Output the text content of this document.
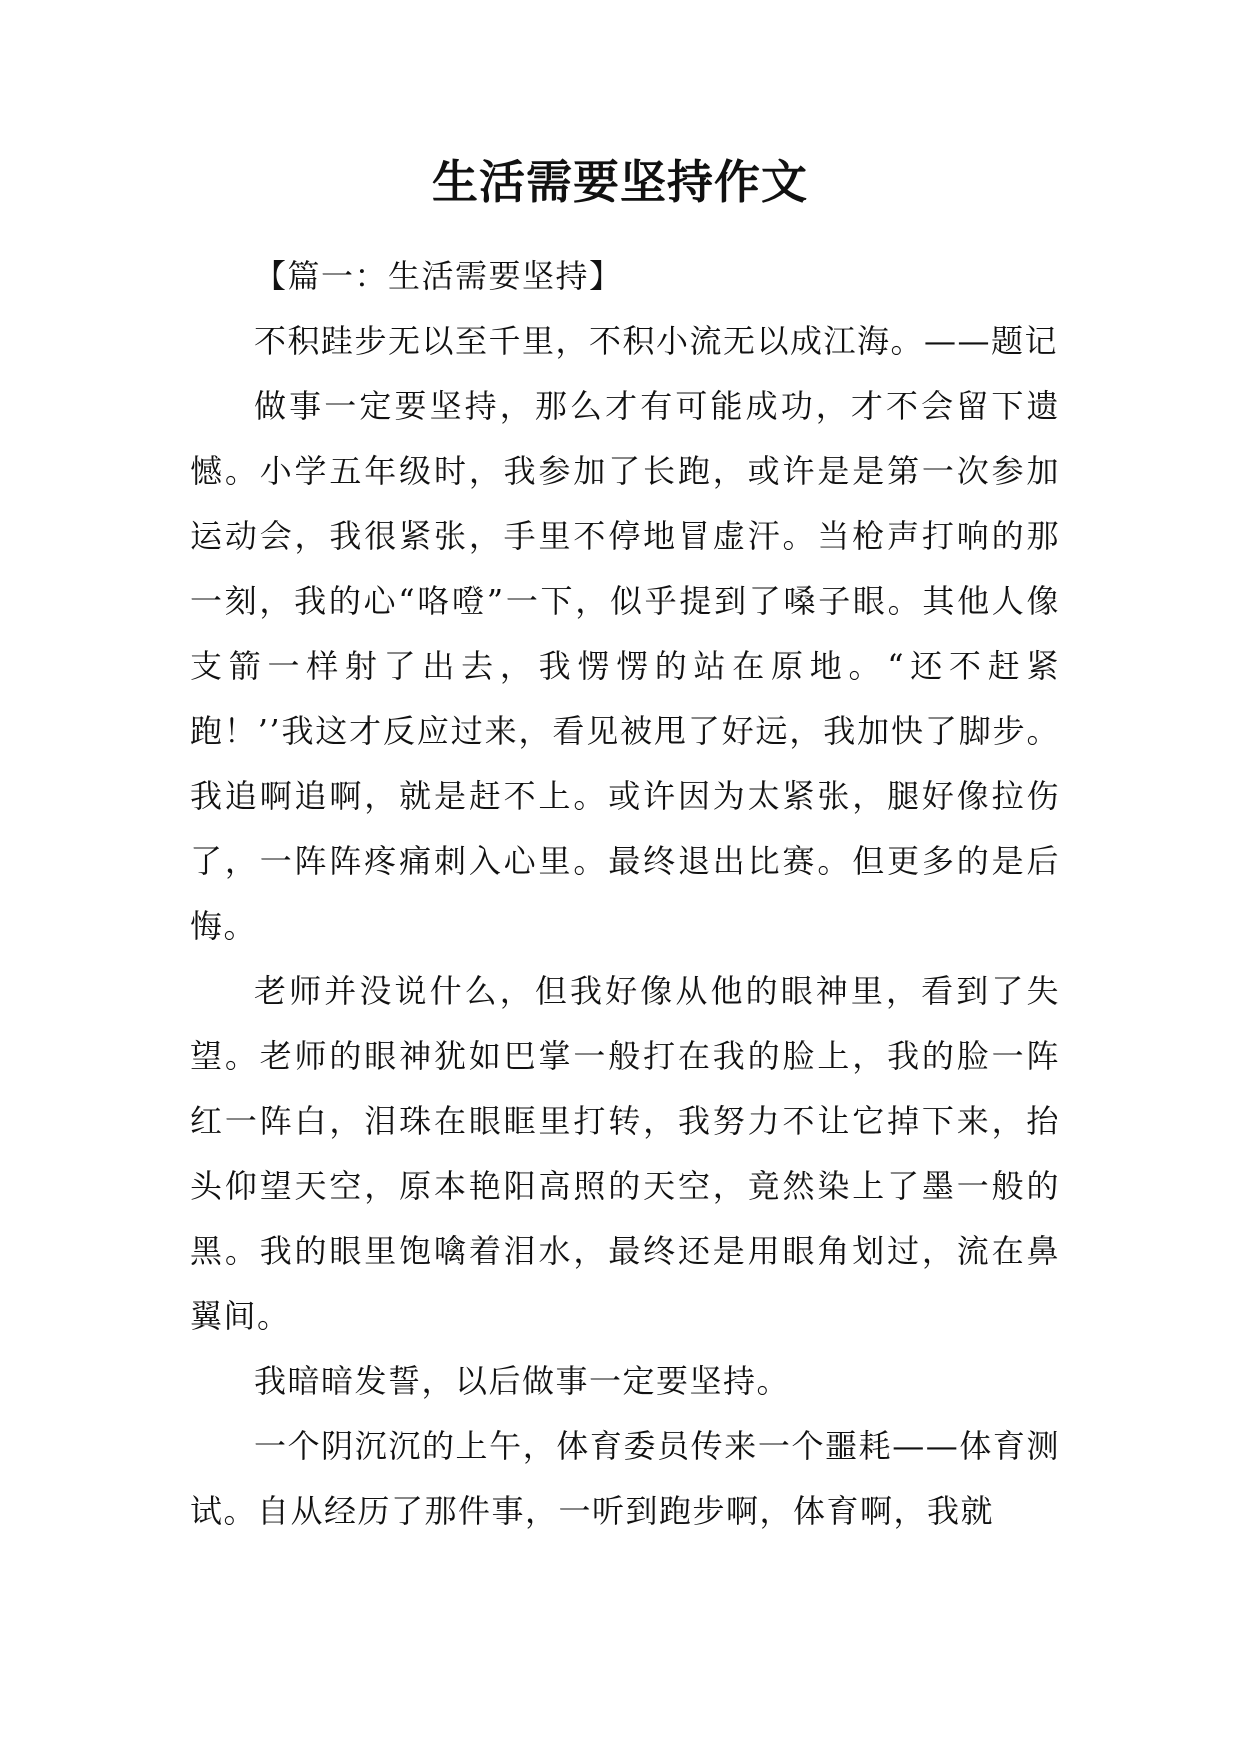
生活需要坚持作文

【篇一：生活需要坚持】

不积跬步无以至千里，不积小流无以成江海。——题记

做事一定要坚持，那么才有可能成功，才不会留下遗憾。小学五年级时，我参加了长跑，或许是是第一次参加运动会，我很紧张，手里不停地冒虚汗。当枪声打响的那一刻，我的心“咯噔”一下，似乎提到了嗓子眼。其他人像支箭一样射了出去，我愣愣的站在原地。“还不赶紧跑！’’我这才反应过来，看见被甩了好远，我加快了脚步。我追啊追啊，就是赶不上。或许因为太紧张，腿好像拉伤了，一阵阵疼痛刺入心里。最终退出比赛。但更多的是后悔。

老师并没说什么，但我好像从他的眼神里，看到了失望。老师的眼神犹如巴掌一般打在我的脸上，我的脸一阵红一阵白，泪珠在眼眶里打转，我努力不让它掉下来，抬头仰望天空，原本艳阳高照的天空，竟然染上了墨一般的黑。我的眼里饱噙着泪水，最终还是用眼角划过，流在鼻翼间。

我暗暗发誓，以后做事一定要坚持。

一个阴沉沉的上午，体育委员传来一个噩耗——体育测试。自从经历了那件事，一听到跑步啊，体育啊，我就
